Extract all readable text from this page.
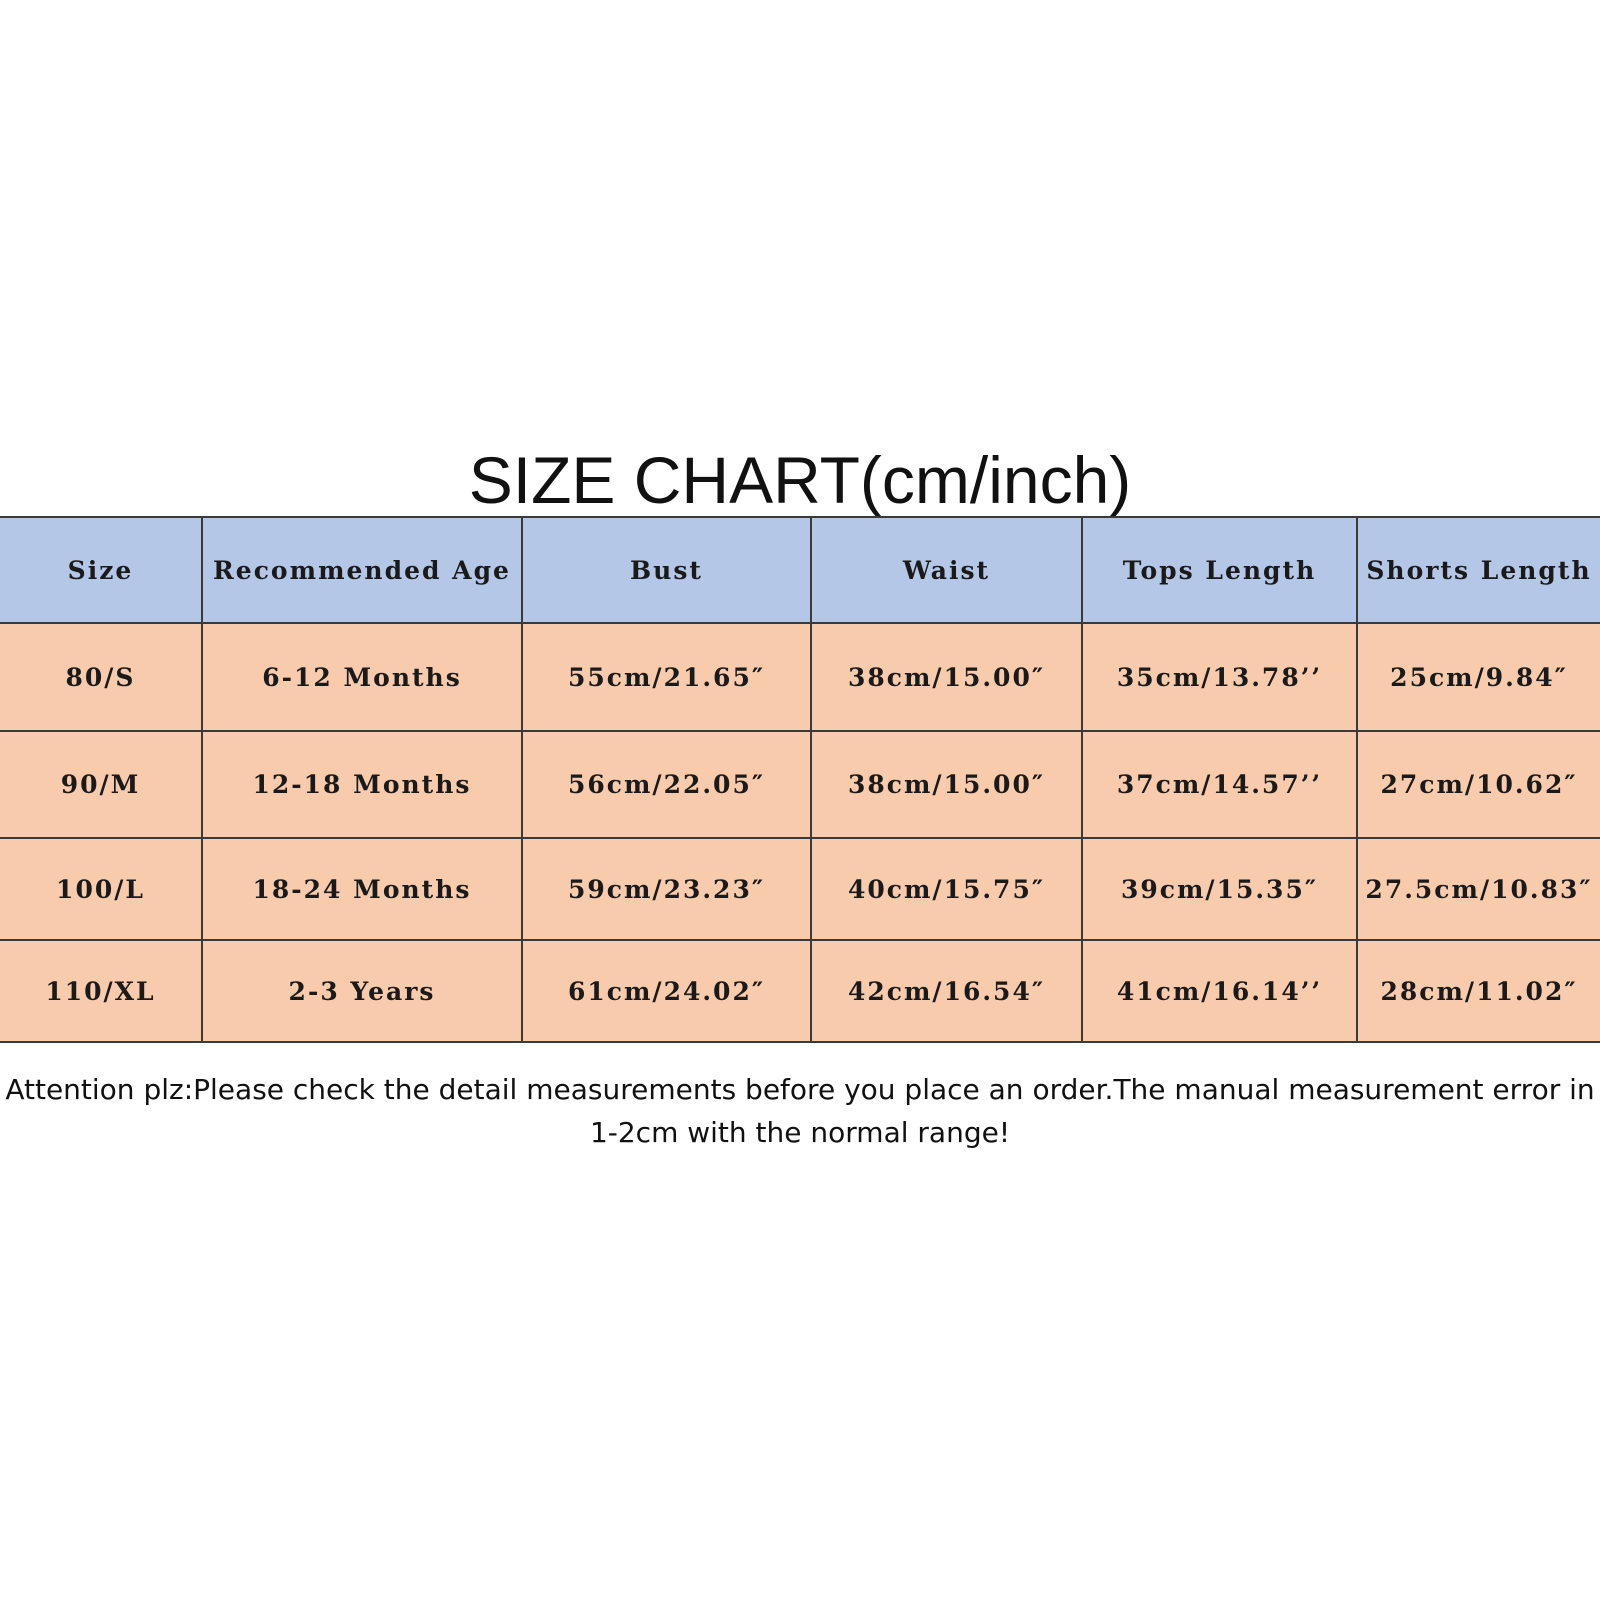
SIZE CHART(cm/inch)
Size	Recommended Age	Bust	Waist	Tops Length	Shorts Length
80/S	6-12 Months	55cm/21.65″	38cm/15.00″	35cm/13.78’’	25cm/9.84″
90/M	12-18 Months	56cm/22.05″	38cm/15.00″	37cm/14.57’’	27cm/10.62″
100/L	18-24 Months	59cm/23.23″	40cm/15.75″	39cm/15.35″	27.5cm/10.83″
110/XL	2-3 Years	61cm/24.02″	42cm/16.54″	41cm/16.14’’	28cm/11.02″
Attention plz:Please check the detail measurements before you place an order.The manual measurement error in
1-2cm with the normal range!
